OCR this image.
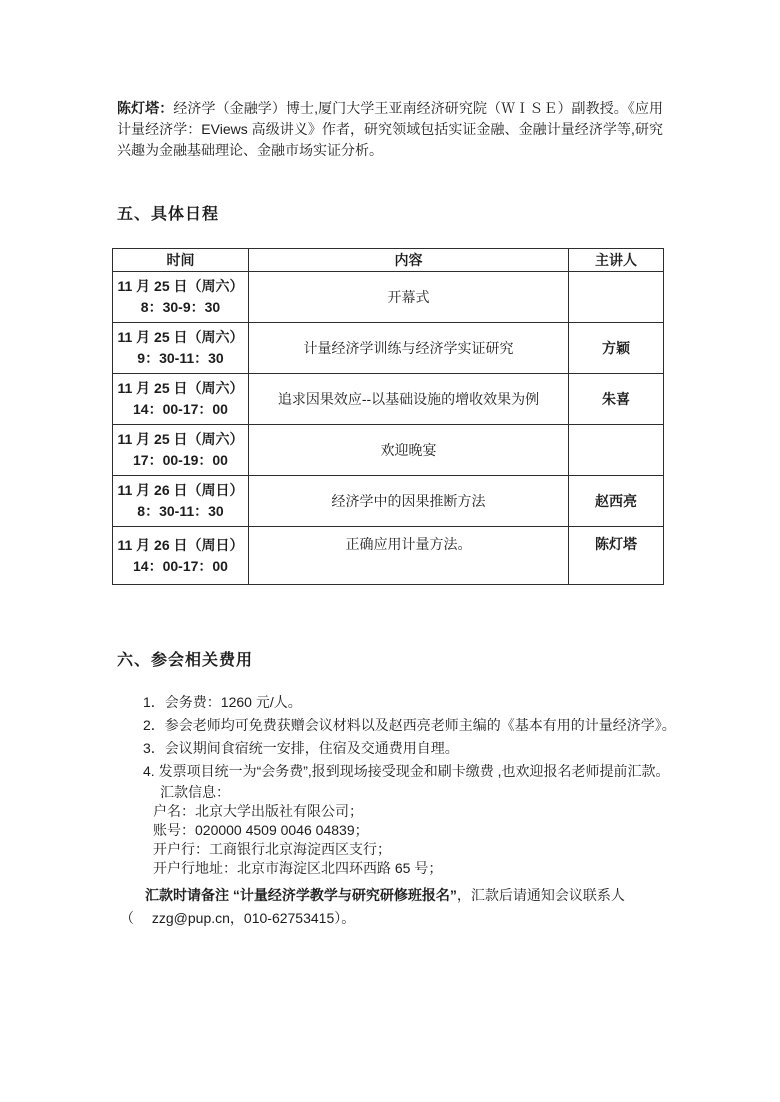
陈灯塔：经济学（金融学）博士,厦门大学王亚南经济研究院（ＷＩＳＥ）副教授。《应用计量经济学：EViews 高级讲义》作者，研究领域包括实证金融、金融计量经济学等,研究兴趣为金融基础理论、金融市场实证分析。

五、具体日程
时间	内容	主讲人

11 月 25 日（周六）
8：30-9：30	开幕式	

11 月 25 日（周六）
9：30-11：30	计量经济学训练与经济学实证研究	方颖

11 月 25 日（周六）
14：00-17：00	追求因果效应--以基础设施的增收效果为例	朱喜

11 月 25 日（周六）
17：00-19：00	欢迎晚宴	

11 月 26 日（周日）
8：30-11：30	经济学中的因果推断方法	赵西亮

11 月 26 日（周日）
14：00-17：00	正确应用计量方法。	陈灯塔
六、参会相关费用
1．会务费：1260 元/人。
2．参会老师均可免费获赠会议材料以及赵西亮老师主编的《基本有用的计量经济学》。
3．会议期间食宿统一安排，住宿及交通费用自理。
4. 发票项目统一为“会务费”,报到现场接受现金和刷卡缴费 ,也欢迎报名老师提前汇款。
汇款信息：
户名：北京大学出版社有限公司；
账号：020000 4509 0046 04839；
开户行：工商银行北京海淀西区支行；
开户行地址：北京市海淀区北四环西路 65 号；
汇款时请备注 “计量经济学教学与研究研修班报名”，汇款后请通知会议联系人
（　 zzg@pup.cn，010-62753415）。
